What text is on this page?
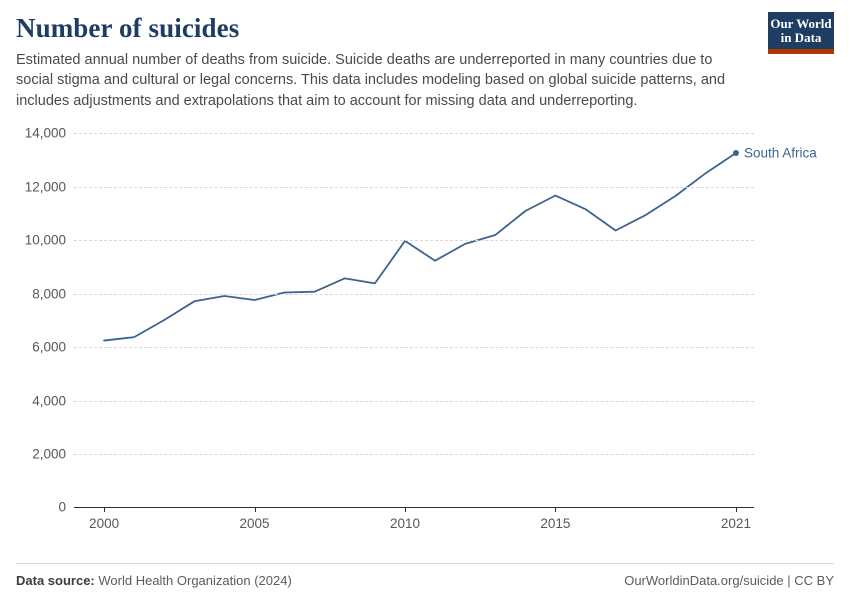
Number of suicides

Estimated annual number of deaths from suicide. Suicide deaths are underreported in many countries due to social stigma and cultural or legal concerns. This data includes modeling based on global suicide patterns, and includes adjustments and extrapolations that aim to account for missing data and underreporting.

Our World
in Data
0
2,000
4,000
6,000
8,000
10,000
12,000
14,000
2000	2005	2010	2015	2021
South Africa
Data source: World Health Organization (2024)	OurWorldinData.org/suicide | CC BY
